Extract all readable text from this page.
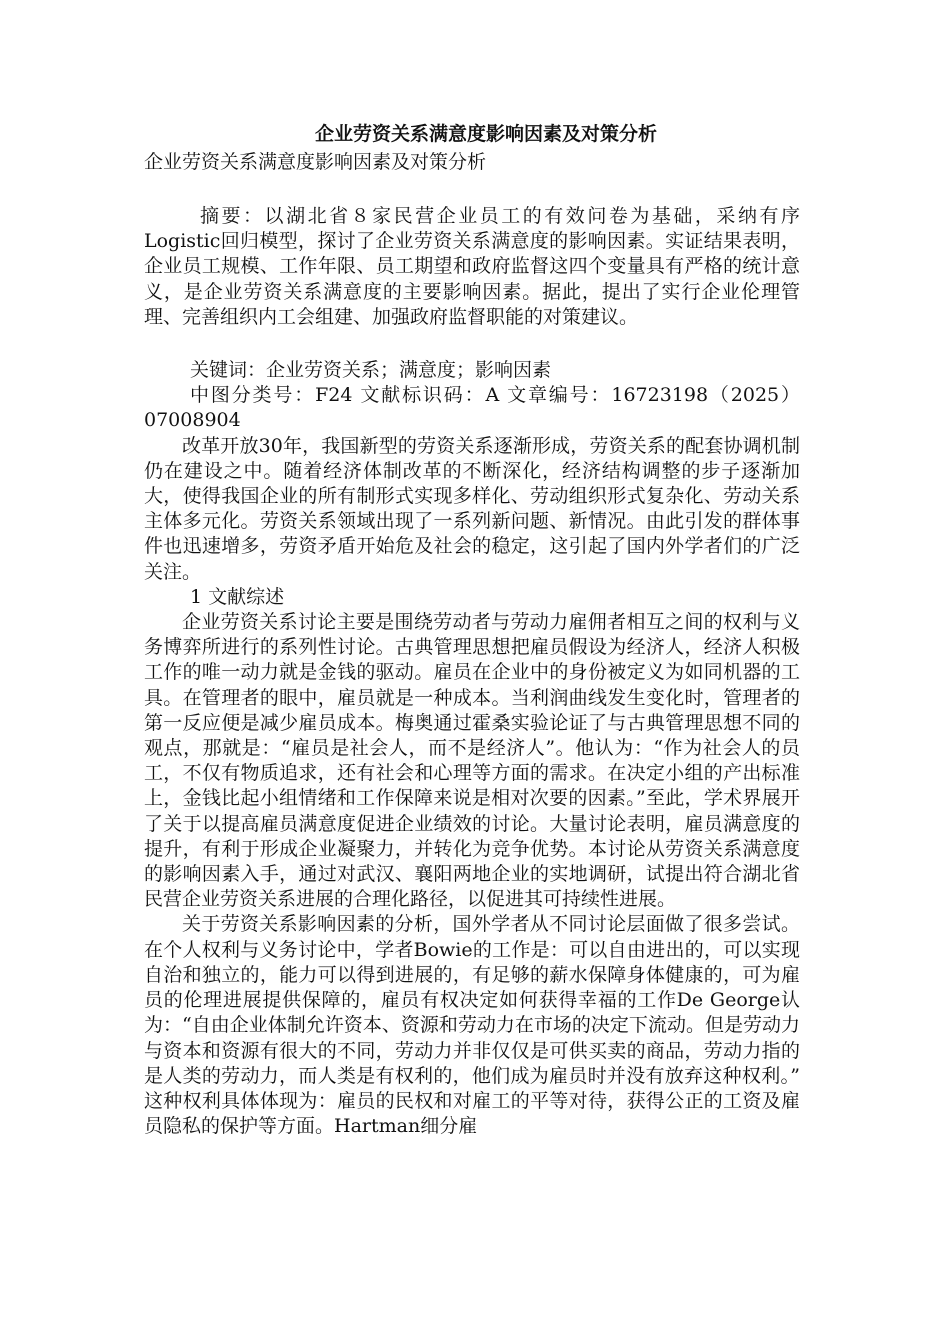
企业劳资关系满意度影响因素及对策分析

企业劳资关系满意度影响因素及对策分析

摘要：以湖北省８家民营企业员工的有效问卷为基础，采纳有序Logistic回归模型，探讨了企业劳资关系满意度的影响因素。实证结果表明，企业员工规模、工作年限、员工期望和政府监督这四个变量具有严格的统计意义，是企业劳资关系满意度的主要影响因素。据此，提出了实行企业伦理管理、完善组织内工会组建、加强政府监督职能的对策建议。

关键词：企业劳资关系；满意度；影响因素

中图分类号：F24 文献标识码：A 文章编号：16723198（2025）07008904

改革开放30年，我国新型的劳资关系逐渐形成，劳资关系的配套协调机制仍在建设之中。随着经济体制改革的不断深化，经济结构调整的步子逐渐加大，使得我国企业的所有制形式实现多样化、劳动组织形式复杂化、劳动关系主体多元化。劳资关系领域出现了一系列新问题、新情况。由此引发的群体事件也迅速增多，劳资矛盾开始危及社会的稳定，这引起了国内外学者们的广泛关注。

1 文献综述

企业劳资关系讨论主要是围绕劳动者与劳动力雇佣者相互之间的权利与义务博弈所进行的系列性讨论。古典管理思想把雇员假设为经济人，经济人积极工作的唯一动力就是金钱的驱动。雇员在企业中的身份被定义为如同机器的工具。在管理者的眼中，雇员就是一种成本。当利润曲线发生变化时，管理者的第一反应便是减少雇员成本。梅奥通过霍桑实验论证了与古典管理思想不同的观点，那就是：“雇员是社会人，而不是经济人”。他认为：“作为社会人的员工，不仅有物质追求，还有社会和心理等方面的需求。在决定小组的产出标准上，金钱比起小组情绪和工作保障来说是相对次要的因素。”至此，学术界展开了关于以提高雇员满意度促进企业绩效的讨论。大量讨论表明，雇员满意度的提升，有利于形成企业凝聚力，并转化为竞争优势。本讨论从劳资关系满意度的影响因素入手，通过对武汉、襄阳两地企业的实地调研，试提出符合湖北省民营企业劳资关系进展的合理化路径，以促进其可持续性进展。

关于劳资关系影响因素的分析，国外学者从不同讨论层面做了很多尝试。在个人权利与义务讨论中，学者Bowie的工作是：可以自由进出的，可以实现自治和独立的，能力可以得到进展的，有足够的薪水保障身体健康的，可为雇员的伦理进展提供保障的，雇员有权决定如何获得幸福的工作De George认为：“自由企业体制允许资本、资源和劳动力在市场的决定下流动。但是劳动力与资本和资源有很大的不同，劳动力并非仅仅是可供买卖的商品，劳动力指的是人类的劳动力，而人类是有权利的，他们成为雇员时并没有放弃这种权利。” 这种权利具体体现为：雇员的民权和对雇工的平等对待，获得公正的工资及雇员隐私的保护等方面。Hartman细分雇
